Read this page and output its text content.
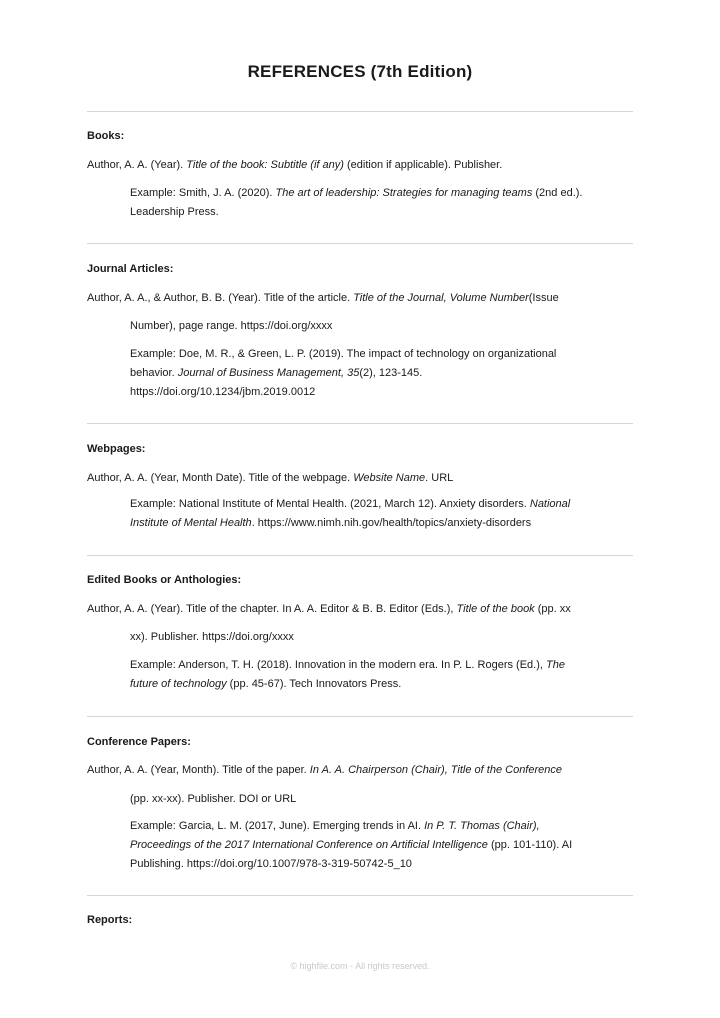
REFERENCES (7th Edition)
Books:
Author, A. A. (Year). Title of the book: Subtitle (if any) (edition if applicable). Publisher.
Example: Smith, J. A. (2020). The art of leadership: Strategies for managing teams (2nd ed.).
Leadership Press.
Journal Articles:
Author, A. A., & Author, B. B. (Year). Title of the article. Title of the Journal, Volume Number(Issue
Number), page range. https://doi.org/xxxx
Example: Doe, M. R., & Green, L. P. (2019). The impact of technology on organizational
behavior. Journal of Business Management, 35(2), 123-145.
https://doi.org/10.1234/jbm.2019.0012
Webpages:
Author, A. A. (Year, Month Date). Title of the webpage. Website Name. URL
Example: National Institute of Mental Health. (2021, March 12). Anxiety disorders. National
Institute of Mental Health. https://www.nimh.nih.gov/health/topics/anxiety-disorders
Edited Books or Anthologies:
Author, A. A. (Year). Title of the chapter. In A. A. Editor & B. B. Editor (Eds.), Title of the book (pp. xx
xx). Publisher. https://doi.org/xxxx
Example: Anderson, T. H. (2018). Innovation in the modern era. In P. L. Rogers (Ed.), The
future of technology (pp. 45-67). Tech Innovators Press.
Conference Papers:
Author, A. A. (Year, Month). Title of the paper. In A. A. Chairperson (Chair), Title of the Conference
(pp. xx-xx). Publisher. DOI or URL
Example: Garcia, L. M. (2017, June). Emerging trends in AI. In P. T. Thomas (Chair),
Proceedings of the 2017 International Conference on Artificial Intelligence (pp. 101-110). AI
Publishing. https://doi.org/10.1007/978-3-319-50742-5_10
Reports:
© highfile.com - All rights reserved.
